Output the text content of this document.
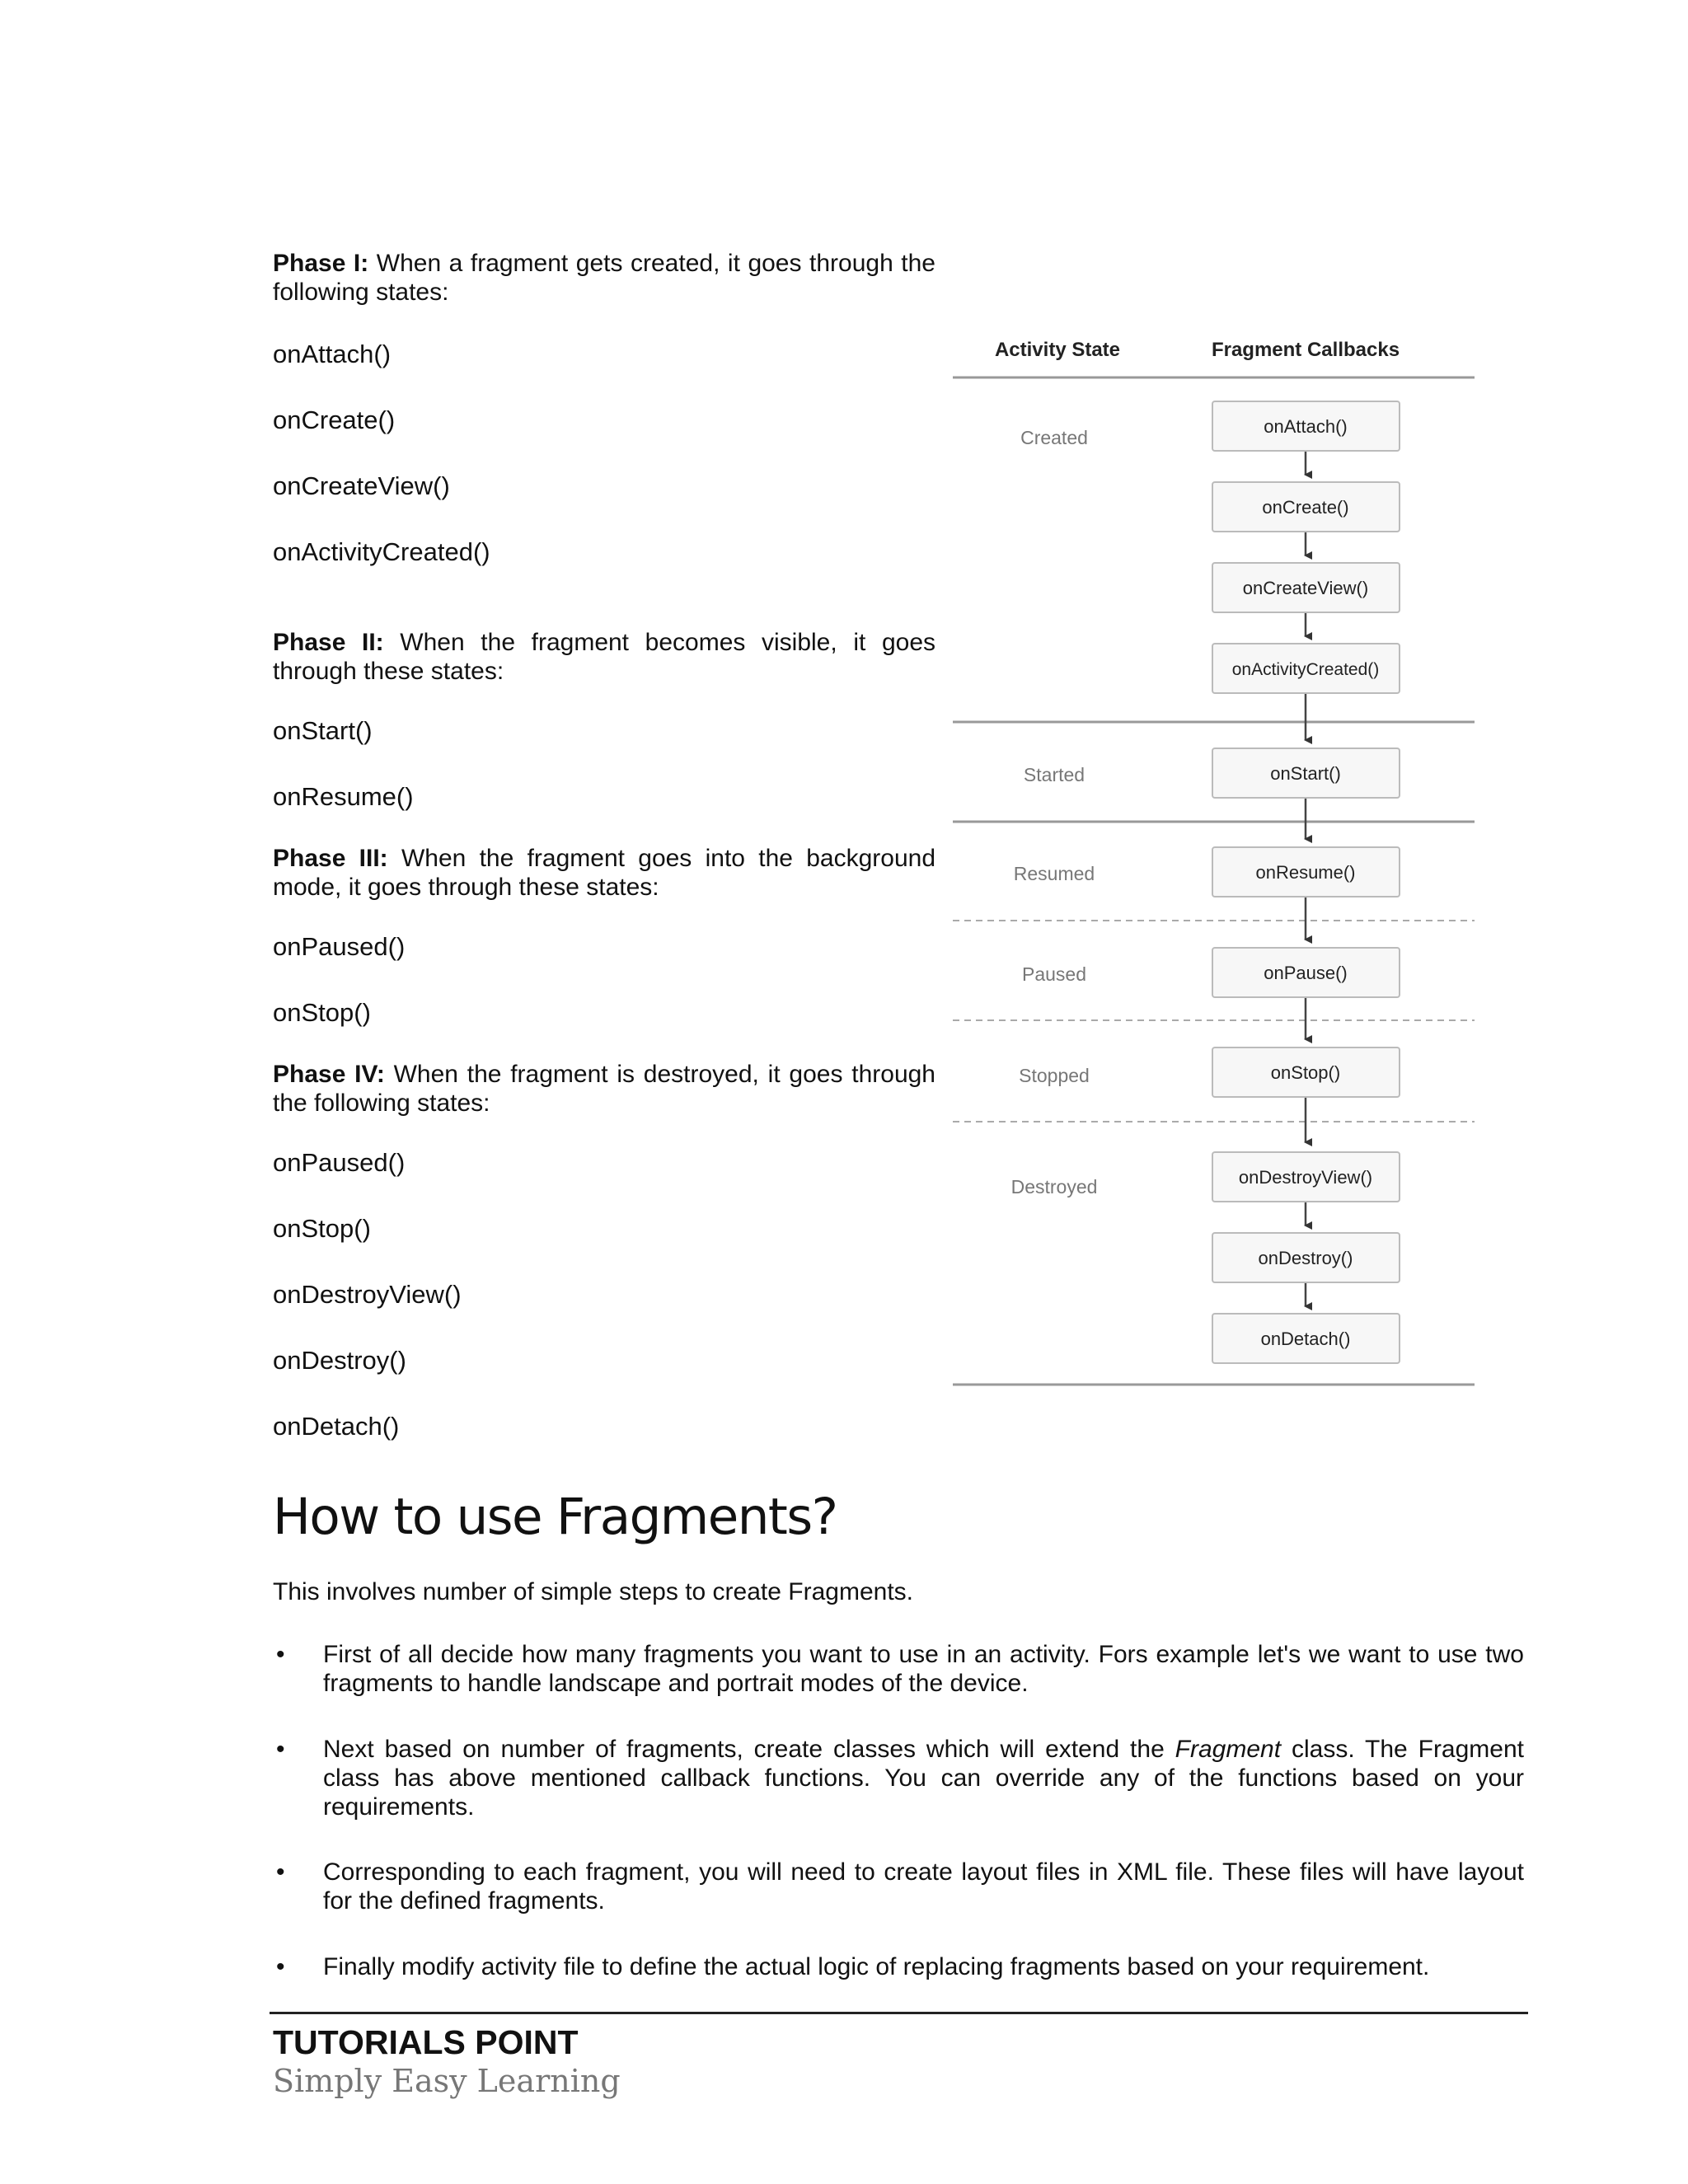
Phase I: When a fragment gets created, it goes through the following states:

onAttach()

onCreate()

onCreateView()

onActivityCreated()

Phase II: When the fragment becomes visible, it goes through these states:

onStart()

onResume()

Phase III: When the fragment goes into the background mode, it goes through these states:

onPaused()

onStop()

Phase IV: When the fragment is destroyed, it goes through the following states:

onPaused()

onStop()

onDestroyView()

onDestroy()

onDetach()

Activity State	Fragment Callbacks
Created
Started
Resumed
Paused
Stopped
Destroyed
onAttach()
onCreate()
onCreateView()
onActivityCreated()
onStart()
onResume()
onPause()
onStop()
onDestroyView()
onDestroy()
onDetach()
How to use Fragments?

This involves number of simple steps to create Fragments.

• First of all decide how many fragments you want to use in an activity. Fors example let's we want to use two fragments to handle landscape and portrait modes of the device.
• Next based on number of fragments, create classes which will extend the Fragment class. The Fragment class has above mentioned callback functions. You can override any of the functions based on your requirements.
• Corresponding to each fragment, you will need to create layout files in XML file. These files will have layout for the defined fragments.
• Finally modify activity file to define the actual logic of replacing fragments based on your requirement.

TUTORIALS POINT

Simply Easy Learning
